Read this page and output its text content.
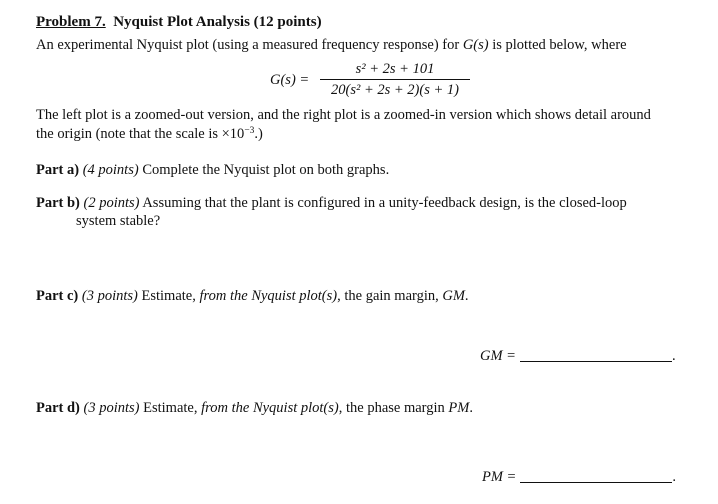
Problem 7. Nyquist Plot Analysis (12 points)
An experimental Nyquist plot (using a measured frequency response) for G(s) is plotted below, where
G(s) =
s² + 2s + 101
20(s² + 2s + 2)(s + 1)
The left plot is a zoomed-out version, and the right plot is a zoomed-in version which shows detail around
the origin (note that the scale is $\times 10^{-3}$.)
Part a) (4 points) Complete the Nyquist plot on both graphs.
Part b) (2 points) Assuming that the plant is configured in a unity-feedback design, is the closed-loop
system stable?
Part c) (3 points) Estimate, from the Nyquist plot(s), the gain margin, GM.
GM =	.
Part d) (3 points) Estimate, from the Nyquist plot(s), the phase margin PM.
PM =	.
